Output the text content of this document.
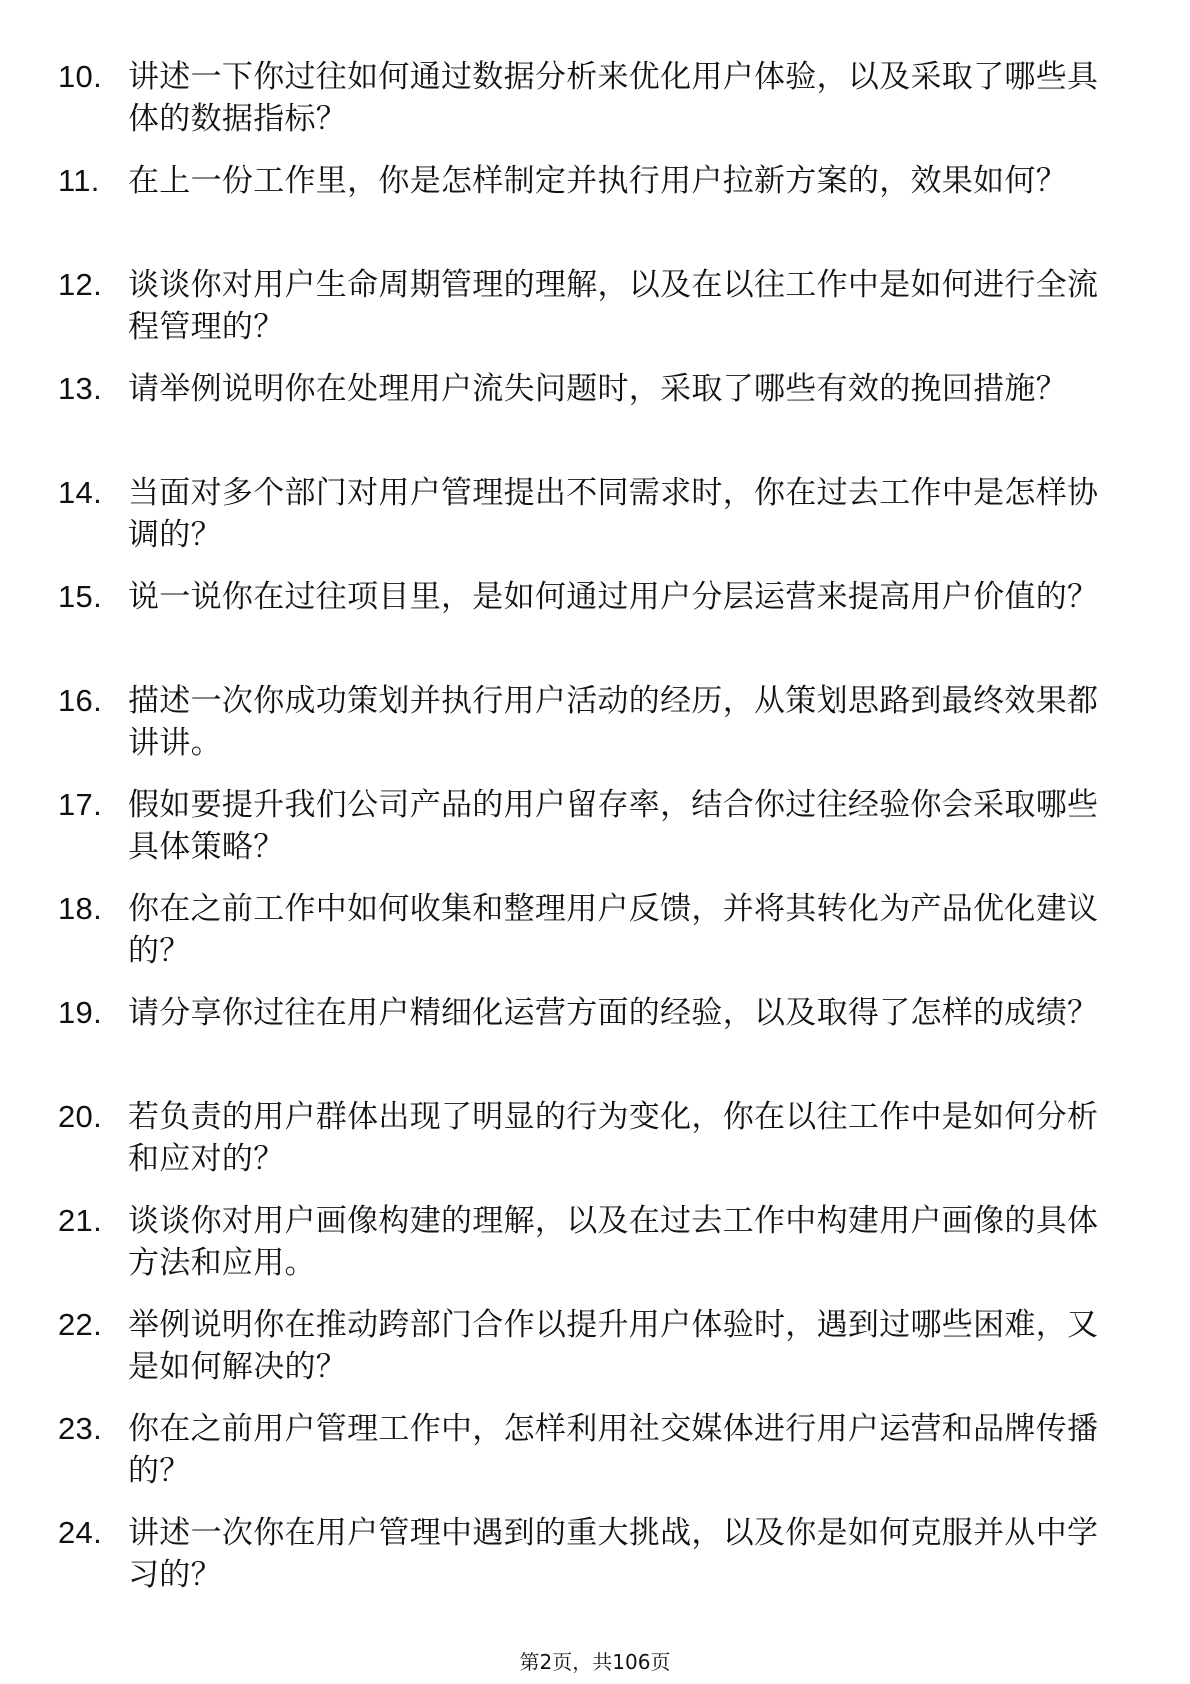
10. 讲述一下你过往如何通过数据分析来优化用户体验，以及采取了哪些具体的数据指标？
11. 在上一份工作里，你是怎样制定并执行用户拉新方案的，效果如何？
12. 谈谈你对用户生命周期管理的理解，以及在以往工作中是如何进行全流程管理的？
13. 请举例说明你在处理用户流失问题时，采取了哪些有效的挽回措施？
14. 当面对多个部门对用户管理提出不同需求时，你在过去工作中是怎样协调的？
15. 说一说你在过往项目里，是如何通过用户分层运营来提高用户价值的？
16. 描述一次你成功策划并执行用户活动的经历，从策划思路到最终效果都讲讲。
17. 假如要提升我们公司产品的用户留存率，结合你过往经验你会采取哪些具体策略？
18. 你在之前工作中如何收集和整理用户反馈，并将其转化为产品优化建议的？
19. 请分享你过往在用户精细化运营方面的经验，以及取得了怎样的成绩？
20. 若负责的用户群体出现了明显的行为变化，你在以往工作中是如何分析和应对的？
21. 谈谈你对用户画像构建的理解，以及在过去工作中构建用户画像的具体方法和应用。
22. 举例说明你在推动跨部门合作以提升用户体验时，遇到过哪些困难，又是如何解决的？
23. 你在之前用户管理工作中，怎样利用社交媒体进行用户运营和品牌传播的？
24. 讲述一次你在用户管理中遇到的重大挑战，以及你是如何克服并从中学习的？
第2页，共106页
